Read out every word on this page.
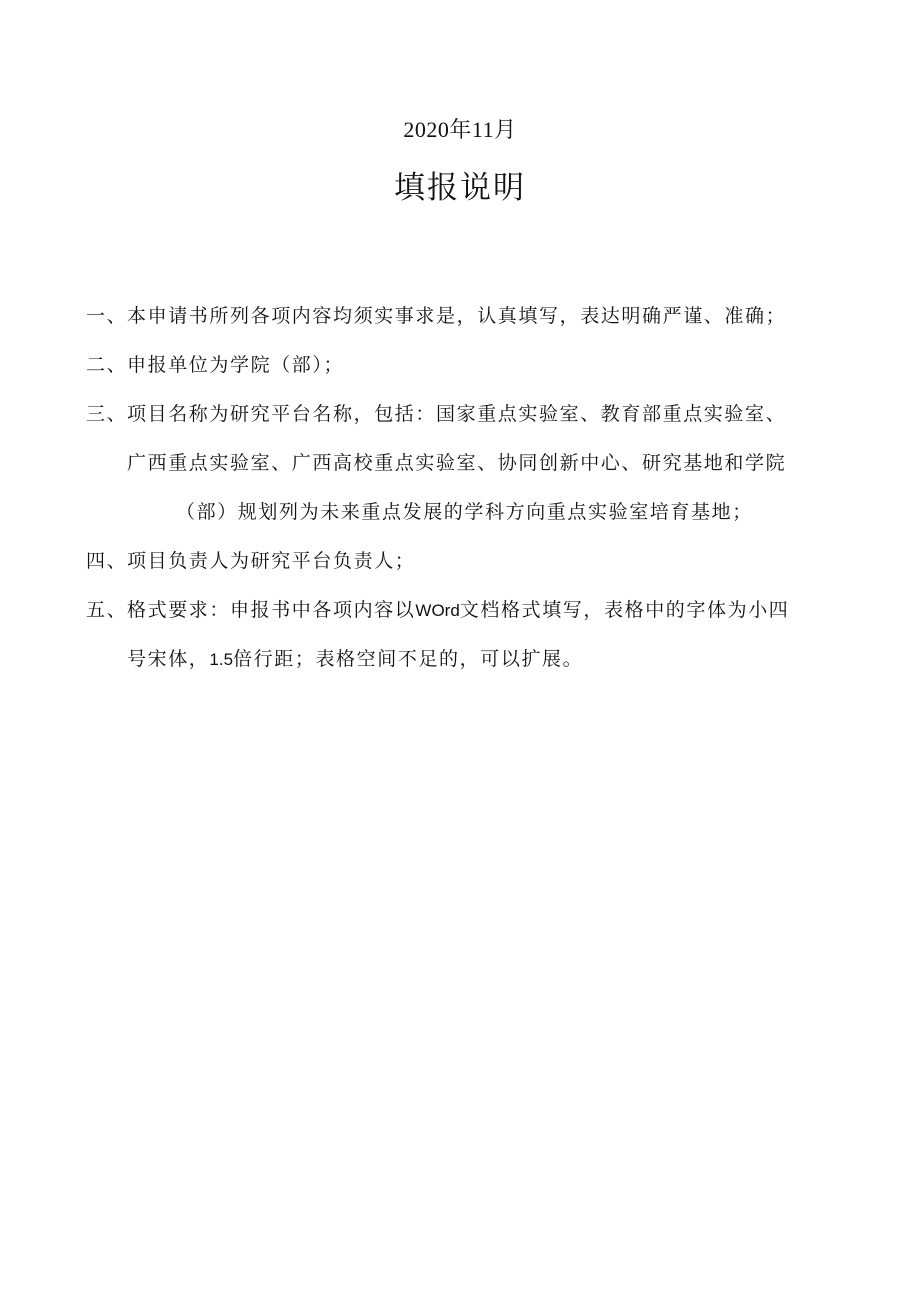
2020年11月
填报说明
一、 本申请书所列各项内容均须实事求是，认真填写，表达明确严谨、准确；
二、 申报单位为学院（部）；
三、 项目名称为研究平台名称，包括：国家重点实验室、教育部重点实验室、
广西重点实验室、广西高校重点实验室、协同创新中心、研究基地和学院
（部）规划列为未来重点发展的学科方向重点实验室培育基地；
四、 项目负责人为研究平台负责人；
五、 格式要求：申报书中各项内容以WOrd文档格式填写，表格中的字体为小四
号宋体，1.5倍行距；表格空间不足的，可以扩展。
